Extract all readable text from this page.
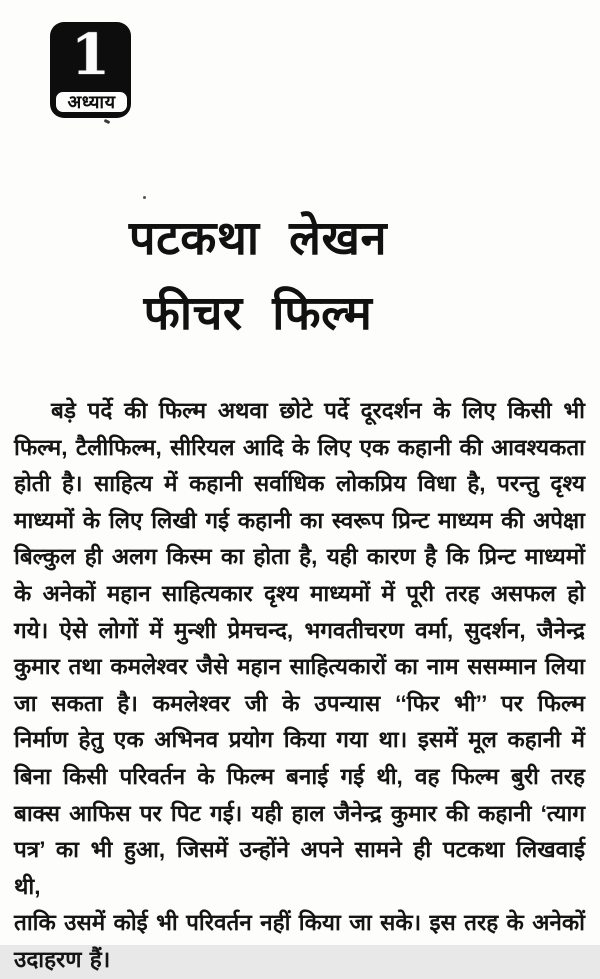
1
अध्याय
पटकथा लेखन
फीचर फिल्म
बड़े पर्दे की फिल्म अथवा छोटे पर्दे दूरदर्शन के लिए किसी भी
फिल्म, टैलीफिल्म, सीरियल आदि के लिए एक कहानी की आवश्यकता
होती है। साहित्य में कहानी सर्वाधिक लोकप्रिय विधा है, परन्तु दृश्य
माध्यमों के लिए लिखी गई कहानी का स्वरूप प्रिन्ट माध्यम की अपेक्षा
बिल्कुल ही अलग किस्म का होता है, यही कारण है कि प्रिन्ट माध्यमों
के अनेकों महान साहित्यकार दृश्य माध्यमों में पूरी तरह असफल हो
गये। ऐसे लोगों में मुन्शी प्रेमचन्द, भगवतीचरण वर्मा, सुदर्शन, जैनेन्द्र
कुमार तथा कमलेश्वर जैसे महान साहित्यकारों का नाम ससम्मान लिया
जा सकता है। कमलेश्वर जी के उपन्यास ‘‘फिर भी’’ पर फिल्म
निर्माण हेतु एक अभिनव प्रयोग किया गया था। इसमें मूल कहानी में
बिना किसी परिवर्तन के फिल्म बनाई गई थी, वह फिल्म बुरी तरह
बाक्स आफिस पर पिट गई। यही हाल जैनेन्द्र कुमार की कहानी ‘त्याग
पत्र’ का भी हुआ, जिसमें उन्होंने अपने सामने ही पटकथा लिखवाई थी,
ताकि उसमें कोई भी परिवर्तन नहीं किया जा सके। इस तरह के अनेकों
उदाहरण हैं।
